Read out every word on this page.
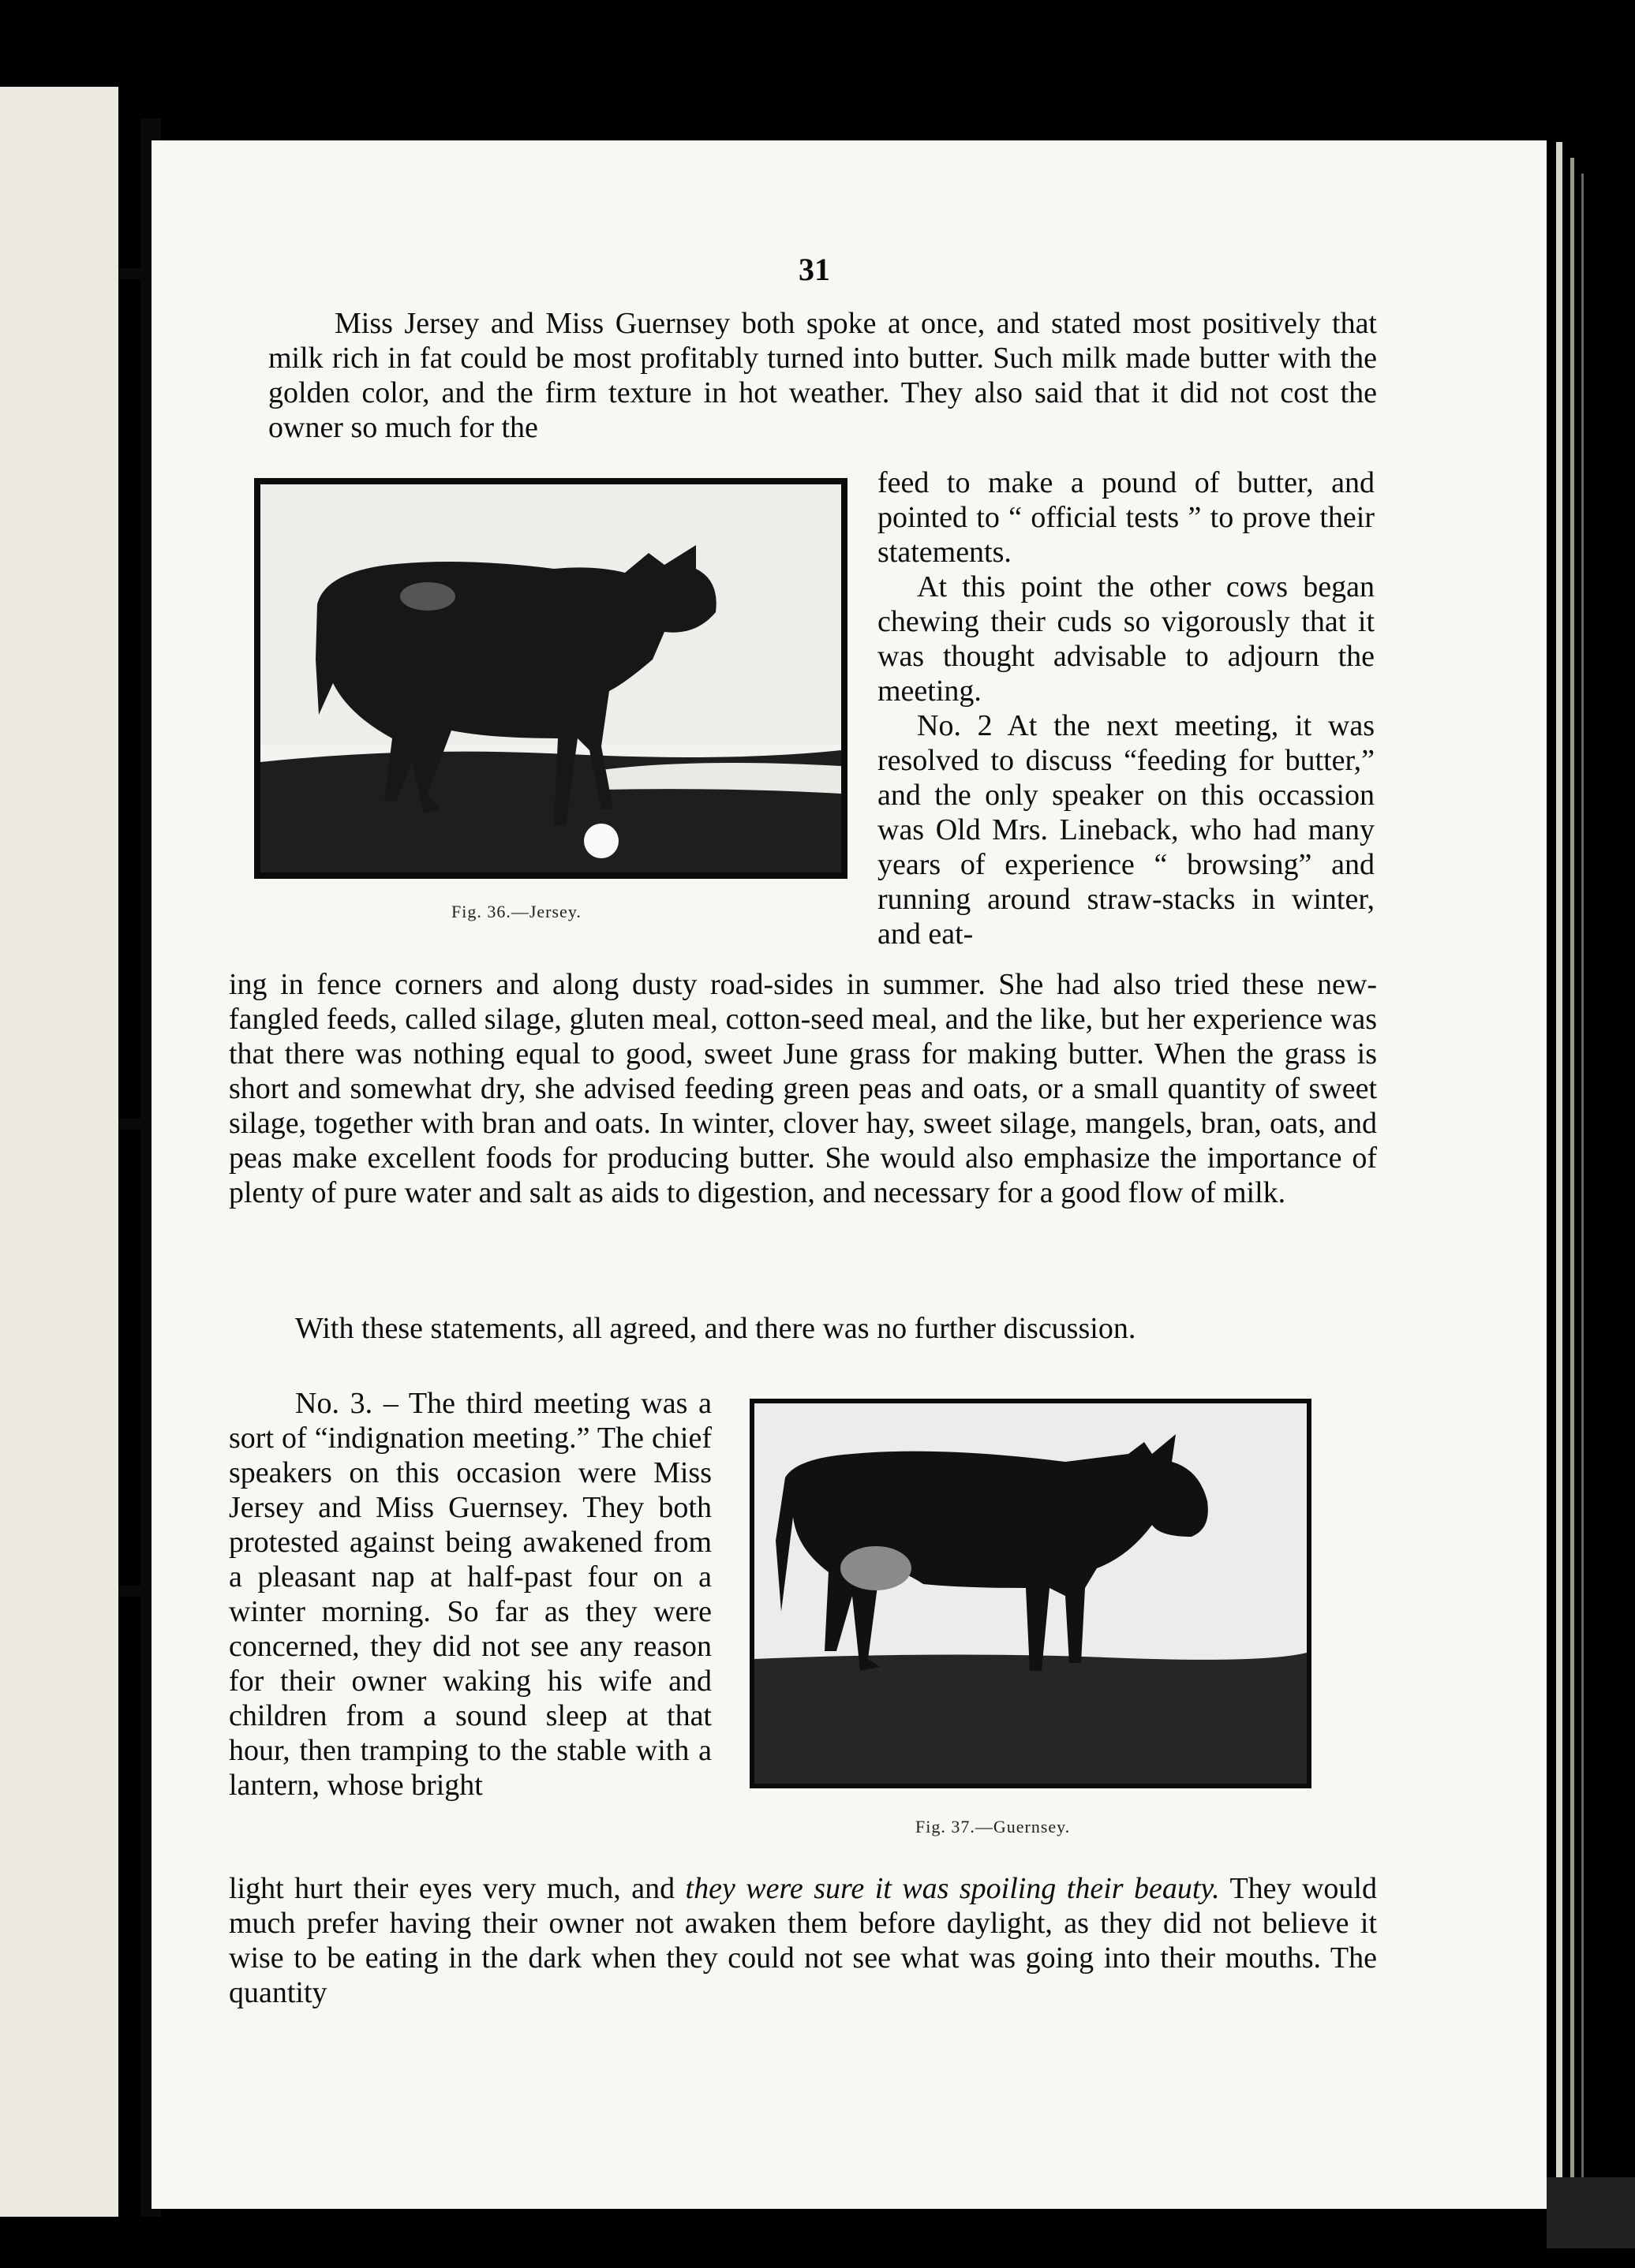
31

Miss Jersey and Miss Guernsey both spoke at once, and stated most positively that milk rich in fat could be most profitably turned into butter. Such milk made butter with the golden color, and the firm texture in hot weather. They also said that it did not cost the owner so much for the

Fig. 36.—Jersey.

feed to make a pound of butter, and pointed to “ official tests ” to prove their statements.

At this point the other cows began chewing their cuds so vigorously that it was thought advisable to adjourn the meeting.

No. 2 At the next meeting, it was resolved to discuss “feeding for butter,” and the only speaker on this occassion was Old Mrs. Lineback, who had many years of experience “ browsing” and running around straw-stacks in winter, and eat-

ing in fence corners and along dusty road-sides in summer. She had also tried these new-fangled feeds, called silage, gluten meal, cotton-seed meal, and the like, but her experience was that there was nothing equal to good, sweet June grass for making butter. When the grass is short and somewhat dry, she advised feeding green peas and oats, or a small quantity of sweet silage, together with bran and oats. In winter, clover hay, sweet silage, mangels, bran, oats, and peas make excellent foods for producing butter. She would also emphasize the importance of plenty of pure water and salt as aids to digestion, and necessary for a good flow of milk.

With these statements, all agreed, and there was no further discussion.

No. 3. – The third meeting was a sort of “indignation meeting.” The chief speakers on this occasion were Miss Jersey and Miss Guernsey. They both protested against being awakened from a pleasant nap at half-past four on a winter morning. So far as they were concerned, they did not see any reason for their owner waking his wife and children from a sound sleep at that hour, then tramping to the stable with a lantern, whose bright

Fig. 37.—Guernsey.

light hurt their eyes very much, and they were sure it was spoiling their beauty. They would much prefer having their owner not awaken them before daylight, as they did not believe it wise to be eating in the dark when they could not see what was going into their mouths. The quantity
